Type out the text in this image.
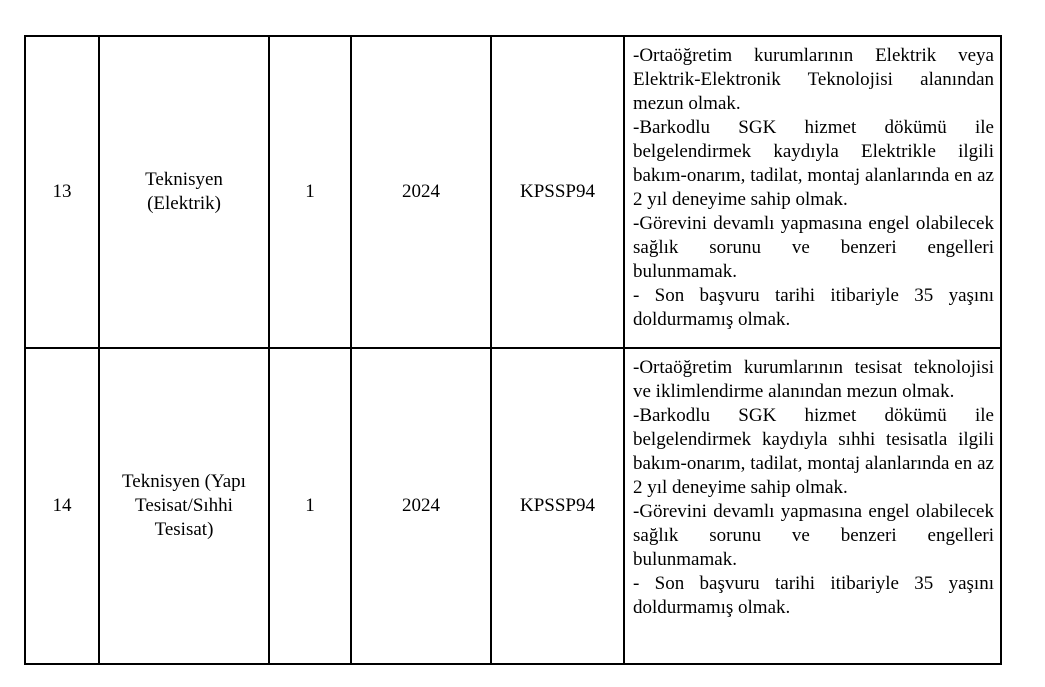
13	Teknisyen (Elektrik)	1	2024	KPSSP94	-Ortaöğretim kurumlarının Elektrik veya Elektrik-Elektronik Teknolojisi alanından mezun olmak.
-Barkodlu SGK hizmet dökümü ile belgelendirmek kaydıyla Elektrikle ilgili bakım-onarım, tadilat, montaj alanlarında en az 2 yıl deneyime sahip olmak.
-Görevini devamlı yapmasına engel olabilecek sağlık sorunu ve benzeri engelleri bulunmamak.
- Son başvuru tarihi itibariyle 35 yaşını doldurmamış olmak.

14	Teknisyen (Yapı Tesisat/Sıhhi Tesisat)	1	2024	KPSSP94	-Ortaöğretim kurumlarının tesisat teknolojisi ve iklimlendirme alanından mezun olmak.
-Barkodlu SGK hizmet dökümü ile belgelendirmek kaydıyla sıhhi tesisatla ilgili bakım-onarım, tadilat, montaj alanlarında en az 2 yıl deneyime sahip olmak.
-Görevini devamlı yapmasına engel olabilecek sağlık sorunu ve benzeri engelleri bulunmamak.
- Son başvuru tarihi itibariyle 35 yaşını doldurmamış olmak.
